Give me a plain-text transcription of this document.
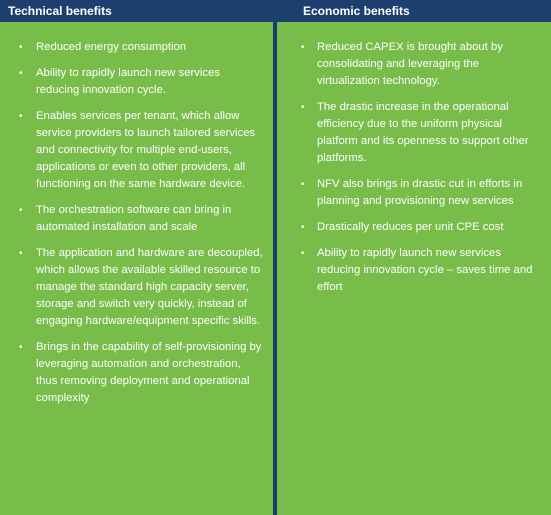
Technical benefits
• Reduced energy consumption
• Ability to rapidly launch new services reducing innovation cycle.
• Enables services per tenant, which allow service providers to launch tailored services and connectivity for multiple end-users, applications or even to other providers, all functioning on the same hardware device.
• The orchestration software can bring in automated installation and scale
• The application and hardware are decoupled, which allows the available skilled resource to manage the standard high capacity server, storage and switch very quickly, instead of engaging hardware/equipment specific skills.
• Brings in the capability of self-provisioning by leveraging automation and orchestration, thus removing deployment and operational complexity
Economic benefits
• Reduced CAPEX is brought about by consolidating and leveraging the virtualization technology.
• The drastic increase in the operational efficiency due to the uniform physical platform and its openness to support other platforms.
• NFV also brings in drastic cut in efforts in planning and provisioning new services
• Drastically reduces per unit CPE cost
• Ability to rapidly launch new services reducing innovation cycle – saves time and effort
